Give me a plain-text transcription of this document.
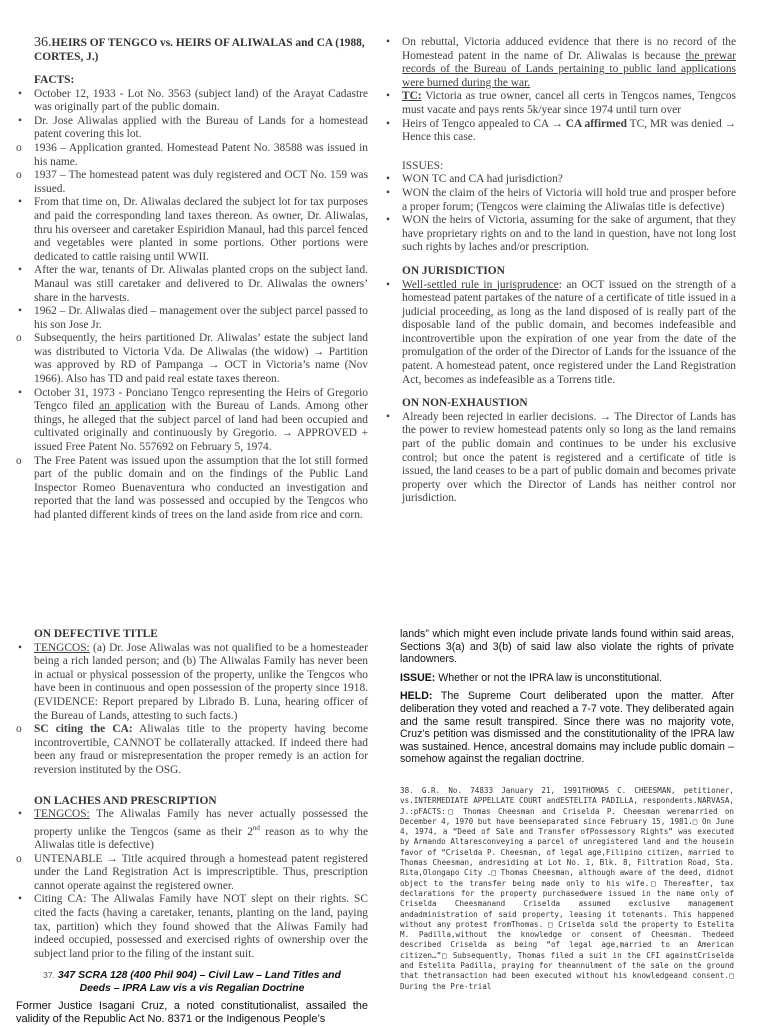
36.HEIRS OF TENGCO vs. HEIRS OF ALIWALAS and CA (1988, CORTES, J.)
FACTS:
• October 12, 1933 - Lot No. 3563 (subject land) of the Arayat Cadastre was originally part of the public domain.
• Dr. Jose Aliwalas applied with the Bureau of Lands for a homestead patent covering this lot.
o 1936 – Application granted. Homestead Patent No. 38588 was issued in his name.
o 1937 – The homestead patent was duly registered and OCT No. 159 was issued.
• From that time on, Dr. Aliwalas declared the subject lot for tax purposes and paid the corresponding land taxes thereon. As owner, Dr. Aliwalas, thru his overseer and caretaker Espiridion Manaul, had this parcel fenced and vegetables were planted in some portions. Other portions were dedicated to cattle raising until WWII.
• After the war, tenants of Dr. Aliwalas planted crops on the subject land. Manaul was still caretaker and delivered to Dr. Aliwalas the owners’ share in the harvests.
• 1962 – Dr. Aliwalas died – management over the subject parcel passed to his son Jose Jr.
o Subsequently, the heirs partitioned Dr. Aliwalas’ estate the subject land was distributed to Victoria Vda. De Aliwalas (the widow) → Partition was approved by RD of Pampanga → OCT in Victoria’s name (Nov 1966). Also has TD and paid real estate taxes thereon.
• October 31, 1973 - Ponciano Tengco representing the Heirs of Gregorio Tengco filed an application with the Bureau of Lands. Among other things, he alleged that the subject parcel of land had been occupied and cultivated originally and continuously by Gregorio. → APPROVED + issued Free Patent No. 557692 on February 5, 1974.
o The Free Patent was issued upon the assumption that the lot still formed part of the public domain and on the findings of the Public Land Inspector Romeo Buenaventura who conducted an investigation and reported that the land was possessed and occupied by the Tengcos who had planted different kinds of trees on the land aside from rice and corn.
• On rebuttal, Victoria adduced evidence that there is no record of the Homestead patent in the name of Dr. Aliwalas is because the prewar records of the Bureau of Lands pertaining to public land applications were burned during the war.
• TC: Victoria as true owner, cancel all certs in Tengcos names, Tengcos must vacate and pays rents 5k/year since 1974 until turn over
• Heirs of Tengco appealed to CA → CA affirmed TC, MR was denied → Hence this case.
ISSUES:
• WON TC and CA had jurisdiction?
• WON the claim of the heirs of Victoria will hold true and prosper before a proper forum; (Tengcos were claiming the Aliwalas title is defective)
• WON the heirs of Victoria, assuming for the sake of argument, that they have proprietary rights on and to the land in question, have not long lost such rights by laches and/or prescription.
ON JURISDICTION
• Well-settled rule in jurisprudence: an OCT issued on the strength of a homestead patent partakes of the nature of a certificate of title issued in a judicial proceeding, as long as the land disposed of is really part of the disposable land of the public domain, and becomes indefeasible and incontrovertible upon the expiration of one year from the date of the promulgation of the order of the Director of Lands for the issuance of the patent. A homestead patent, once registered under the Land Registration Act, becomes as indefeasible as a Torrens title.
ON NON-EXHAUSTION
• Already been rejected in earlier decisions. → The Director of Lands has the power to review homestead patents only so long as the land remains part of the public domain and continues to be under his exclusive control; but once the patent is registered and a certificate of title is issued, the land ceases to be a part of public domain and becomes private property over which the Director of Lands has neither control nor jurisdiction.
ON DEFECTIVE TITLE
• TENGCOS: (a) Dr. Jose Aliwalas was not qualified to be a homesteader being a rich landed person; and (b) The Aliwalas Family has never been in actual or physical possession of the property, unlike the Tengcos who have been in continuous and open possession of the property since 1918. (EVIDENCE: Report prepared by Librado B. Luna, hearing officer of the Bureau of Lands, attesting to such facts.)
o SC citing the CA: Aliwalas title to the property having become incontrovertible, CANNOT be collaterally attacked. If indeed there had been any fraud or misrepresentation the proper remedy is an action for reversion instituted by the OSG.
ON LACHES AND PRESCRIPTION
• TENGCOS: The Aliwalas Family has never actually possessed the property unlike the Tengcos (same as their 2nd reason as to why the Aliwalas title is defective)
o UNTENABLE → Title acquired through a homestead patent registered under the Land Registration Act is imprescriptible. Thus, prescription cannot operate against the registered owner.
• Citing CA: The Aliwalas Family have NOT slept on their rights. SC cited the facts (having a caretaker, tenants, planting on the land, paying tax, partition) which they found showed that the Aliwas Family had indeed occupied, possessed and exercised rights of ownership over the subject land prior to the filing of the instant suit.
37. 347 SCRA 128 (400 Phil 904) – Civil Law – Land Titles and
Deeds – IPRA Law vis a vis Regalian Doctrine
Former Justice Isagani Cruz, a noted constitutionalist, assailed the validity of the Republic Act No. 8371 or the Indigenous People’s
lands” which might even include private lands found within said areas, Sections 3(a) and 3(b) of said law also violate the rights of private landowners.
ISSUE: Whether or not the IPRA law is unconstitutional.
HELD: The Supreme Court deliberated upon the matter. After deliberation they voted and reached a 7-7 vote. They deliberated again and the same result transpired. Since there was no majority vote, Cruz’s petition was dismissed and the constitutionality of the IPRA law was sustained. Hence, ancestral domains may include public domain – somehow against the regalian doctrine.
38. G.R. No. 74833 January 21, 1991THOMAS C. CHEESMAN, petitioner, vs.INTERMEDIATE APPELLATE COURT andESTELITA PADILLA, respondents.NARVASA, J.:pFACTS:□ Thomas Cheesman and Criselda P. Cheesman weremarried on December 4, 1970 but have beenseparated since February 15, 1981.□ On June 4, 1974, a “Deed of Sale and Transfer ofPossessory Rights” was executed by Armando Altaresconveying a parcel of unregistered land and the housein favor of “Criselda P. Cheesman, of legal age,Filipino citizen, married to Thomas Cheesman, andresiding at Lot No. 1, Blk. 8, Filtration Road, Sta. Rita,Olongapo City .□ Thomas Cheesman, although aware of the deed, didnot object to the transfer being made only to his wife.□ Thereafter, tax declarations for the property purchasedwere issued in the name only of Criselda Cheesmanand Criselda assumed exclusive management andadministration of said property, leasing it totenants. This happened without any protest fromThomas. □ Criselda sold the property to Estelita M. Padilla,without the knowledge or consent of Cheesman. Thedeed described Criselda as being “of legal age,married to an American citizen…”□ Subsequently, Thomas filed a suit in the CFI againstCriselda and Estelita Padilla, praying for theannulment of the sale on the ground that thetransaction had been executed without his knowledgeand consent.□ During the Pre-trial
